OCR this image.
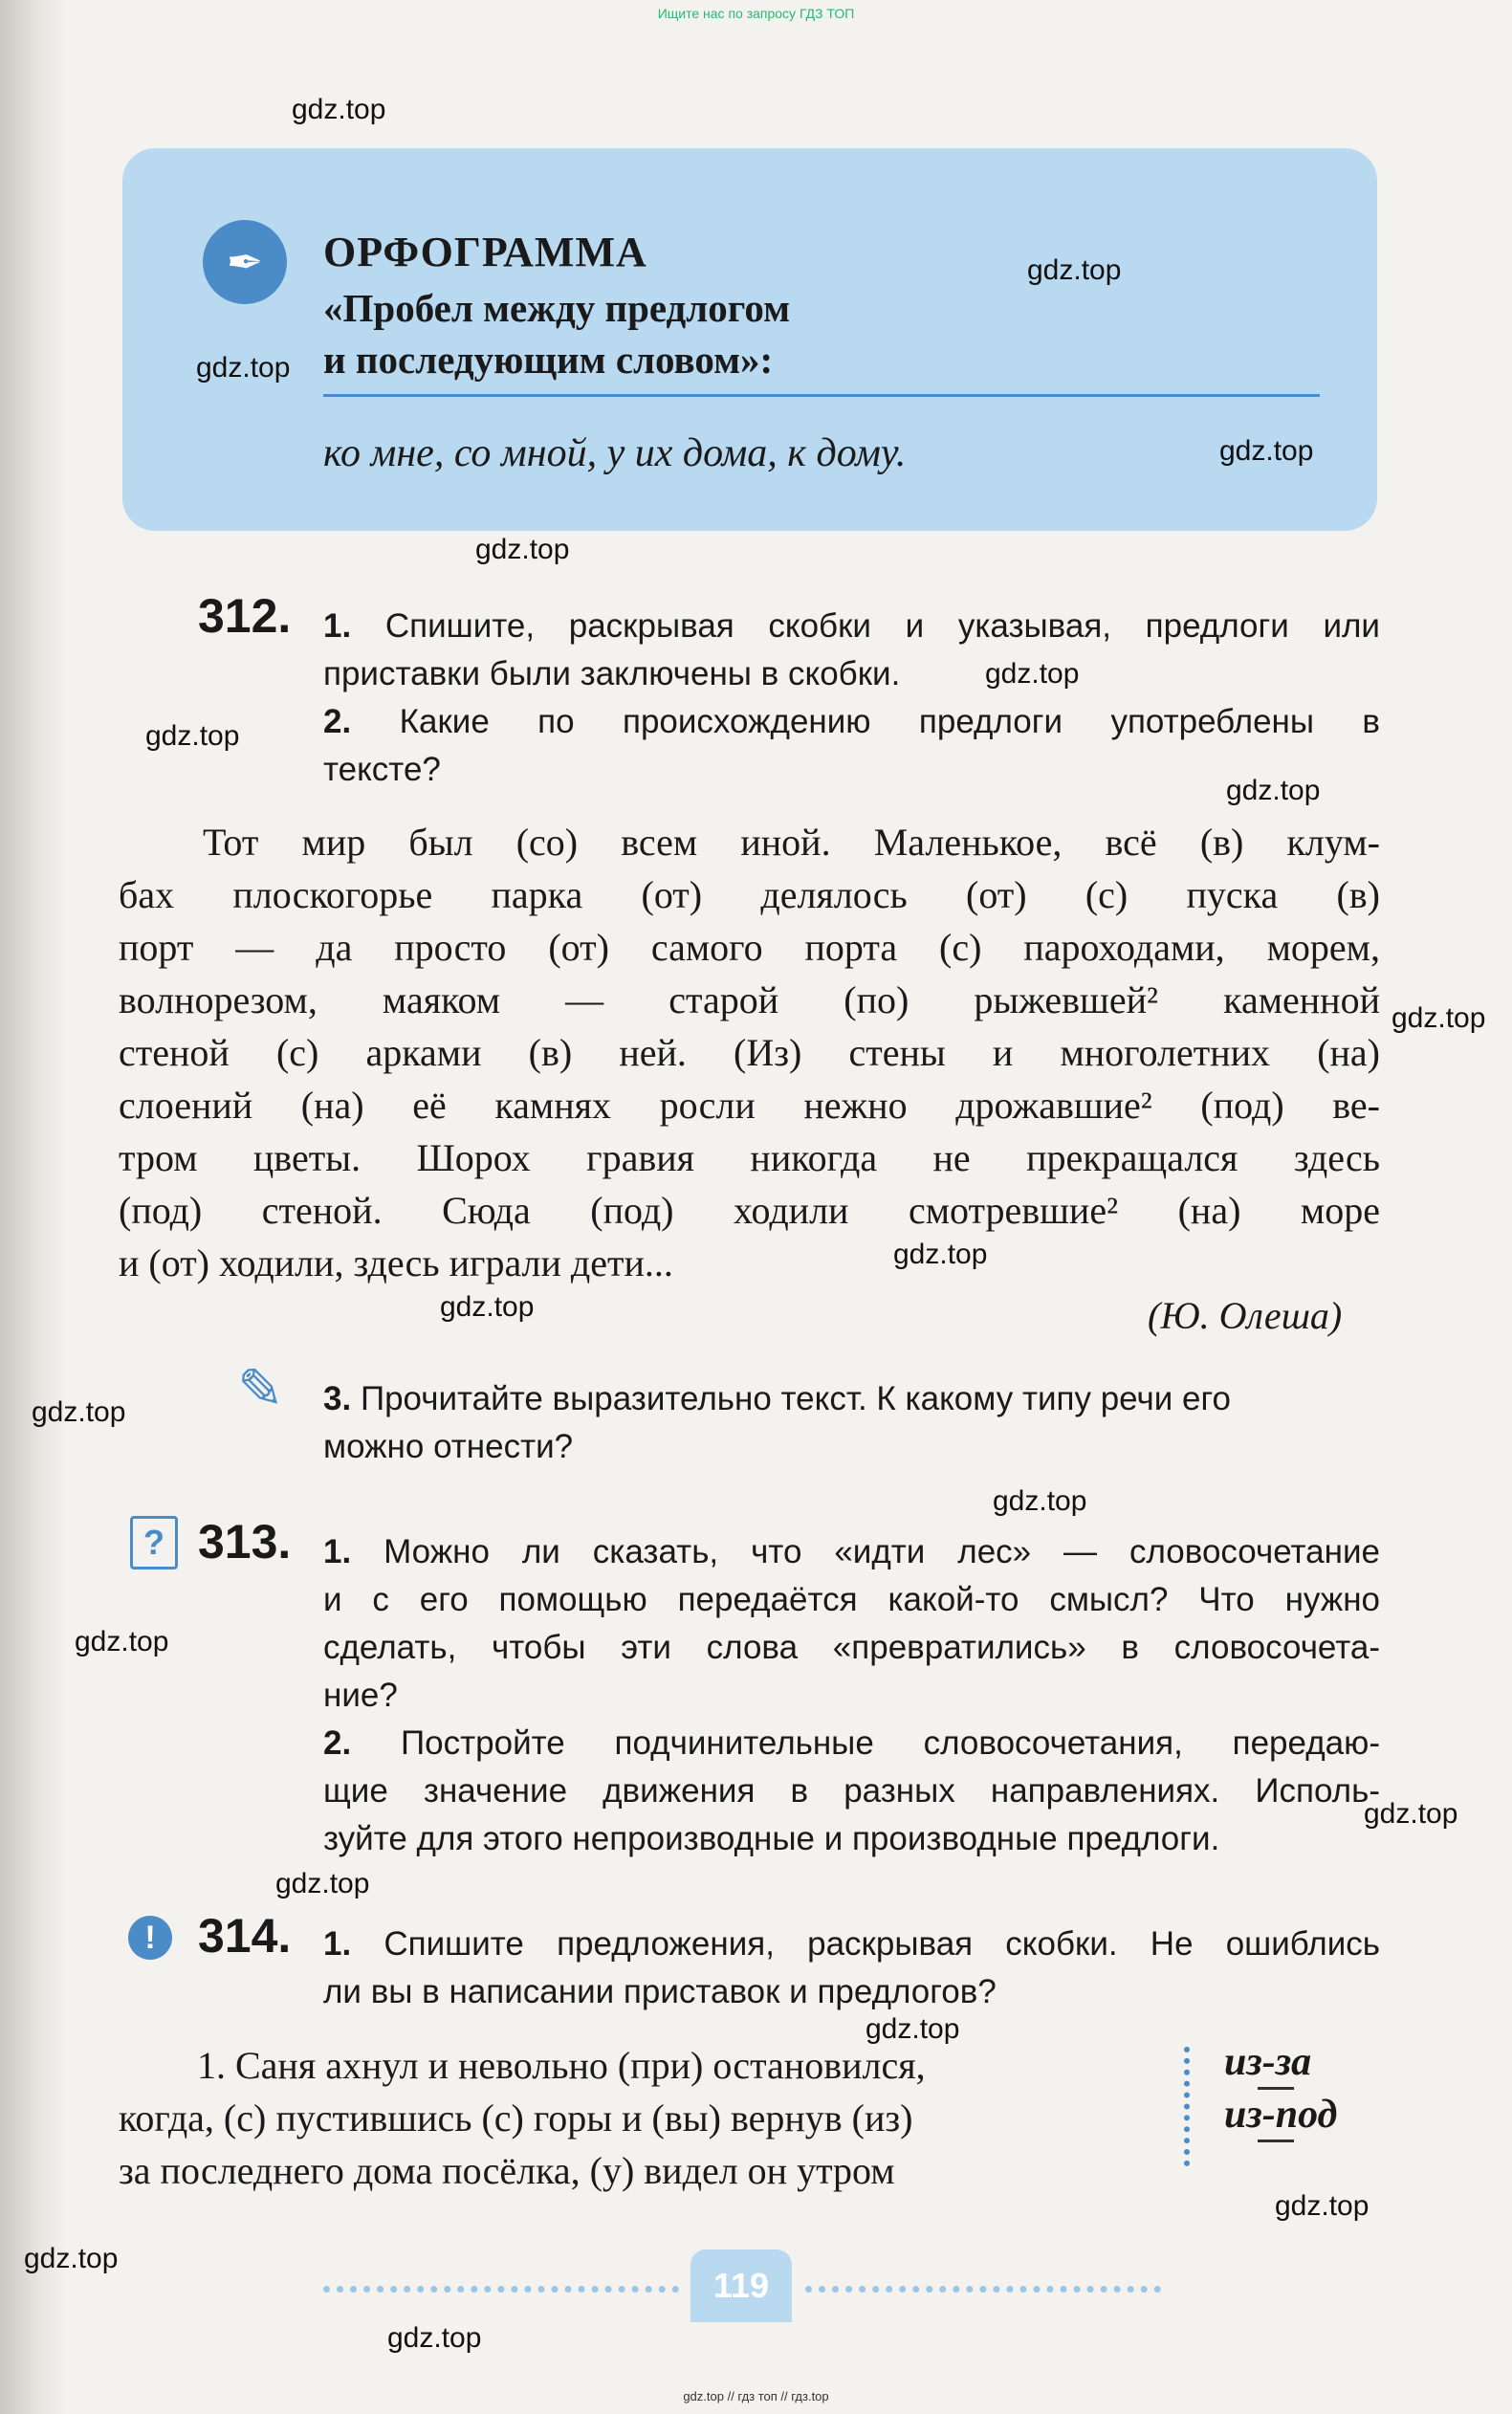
Ищите нас по запросу ГДЗ ТОП
✒	ОРФОГРАММА
«Пробел между предлогом
и последующим словом»:
ко мне, со мной, у их дома, к дому.
312. 1. Спишите, раскрывая скобки и указывая, предлоги или
приставки были заключены в скобки.
2. Какие по происхождению предлоги употреблены в
тексте?
Тот мир был (со) всем иной. Маленькое, всё (в) клум-
бах плоскогорье парка (от) делялось (от) (с) пуска (в)
порт — да просто (от) самого порта (с) пароходами, морем,
волнорезом, маяком — старой (по) рыжевшей² каменной
стеной (с) арками (в) ней. (Из) стены и многолетних (на)
слоений (на) её камнях росли нежно дрожавшие² (под) ве-
тром цветы. Шорох гравия никогда не прекращался здесь
(под) стеной. Сюда (под) ходили смотревшие² (на) море
и (от) ходили, здесь играли дети...
(Ю. Олеша)
✎ 3. Прочитайте выразительно текст. К какому типу речи его
можно отнести?
? 313. 1. Можно ли сказать, что «идти лес» — словосочетание
и с его помощью передаётся какой-то смысл? Что нужно
сделать, чтобы эти слова «превратились» в словосочета-
ние?
2. Постройте подчинительные словосочетания, передаю-
щие значение движения в разных направлениях. Исполь-
зуйте для этого непроизводные и производные предлоги.
! 314. 1. Спишите предложения, раскрывая скобки. Не ошиблись
ли вы в написании приставок и предлогов?
1. Саня ахнул и невольно (при) остановился,
когда, (с) пустившись (с) горы и (вы) вернув (из)
за последнего дома посёлка, (у) видел он утром
из-за
из-под
119
gdz.top // гдз топ // гдз.top
gdz.top
gdz.top
gdz.top
gdz.top
gdz.top
gdz.top
gdz.top
gdz.top
gdz.top
gdz.top
gdz.top
gdz.top
gdz.top
gdz.top
gdz.top
gdz.top
gdz.top
gdz.top
gdz.top
gdz.top
